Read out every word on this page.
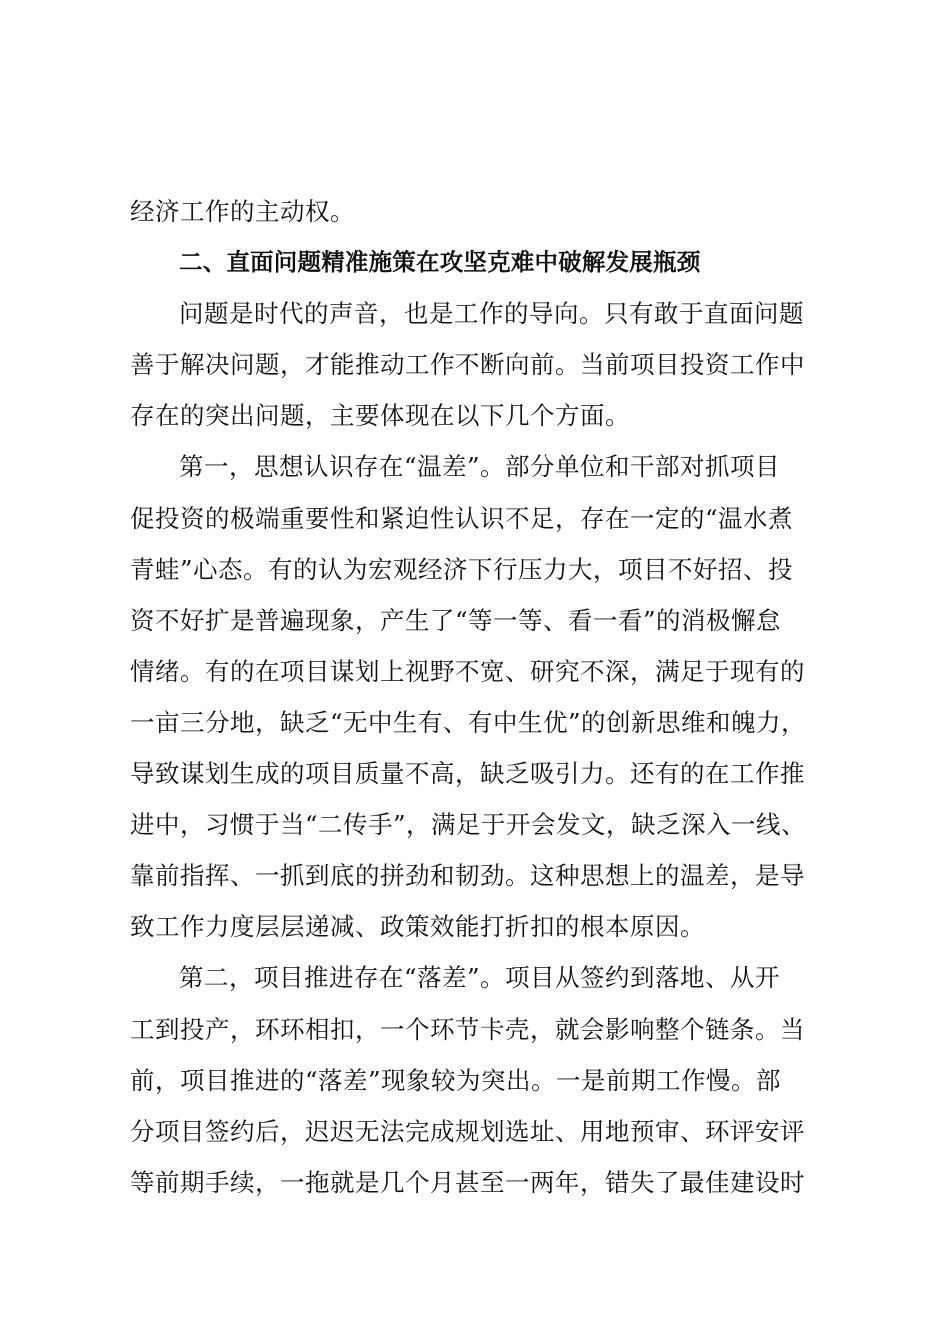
经济工作的主动权。
二、直面问题精准施策在攻坚克难中破解发展瓶颈
问题是时代的声音，也是工作的导向。只有敢于直面问题
善于解决问题，才能推动工作不断向前。当前项目投资工作中
存在的突出问题，主要体现在以下几个方面。
第一，思想认识存在“温差”。部分单位和干部对抓项目
促投资的极端重要性和紧迫性认识不足，存在一定的“温水煮
青蛙”心态。有的认为宏观经济下行压力大，项目不好招、投
资不好扩是普遍现象，产生了“等一等、看一看”的消极懈怠
情绪。有的在项目谋划上视野不宽、研究不深，满足于现有的
一亩三分地，缺乏“无中生有、有中生优”的创新思维和魄力，
导致谋划生成的项目质量不高，缺乏吸引力。还有的在工作推
进中，习惯于当“二传手”，满足于开会发文，缺乏深入一线、
靠前指挥、一抓到底的拼劲和韧劲。这种思想上的温差，是导
致工作力度层层递减、政策效能打折扣的根本原因。
第二，项目推进存在“落差”。项目从签约到落地、从开
工到投产，环环相扣，一个环节卡壳，就会影响整个链条。当
前，项目推进的“落差”现象较为突出。一是前期工作慢。部
分项目签约后，迟迟无法完成规划选址、用地预审、环评安评
等前期手续，一拖就是几个月甚至一两年，错失了最佳建设时
